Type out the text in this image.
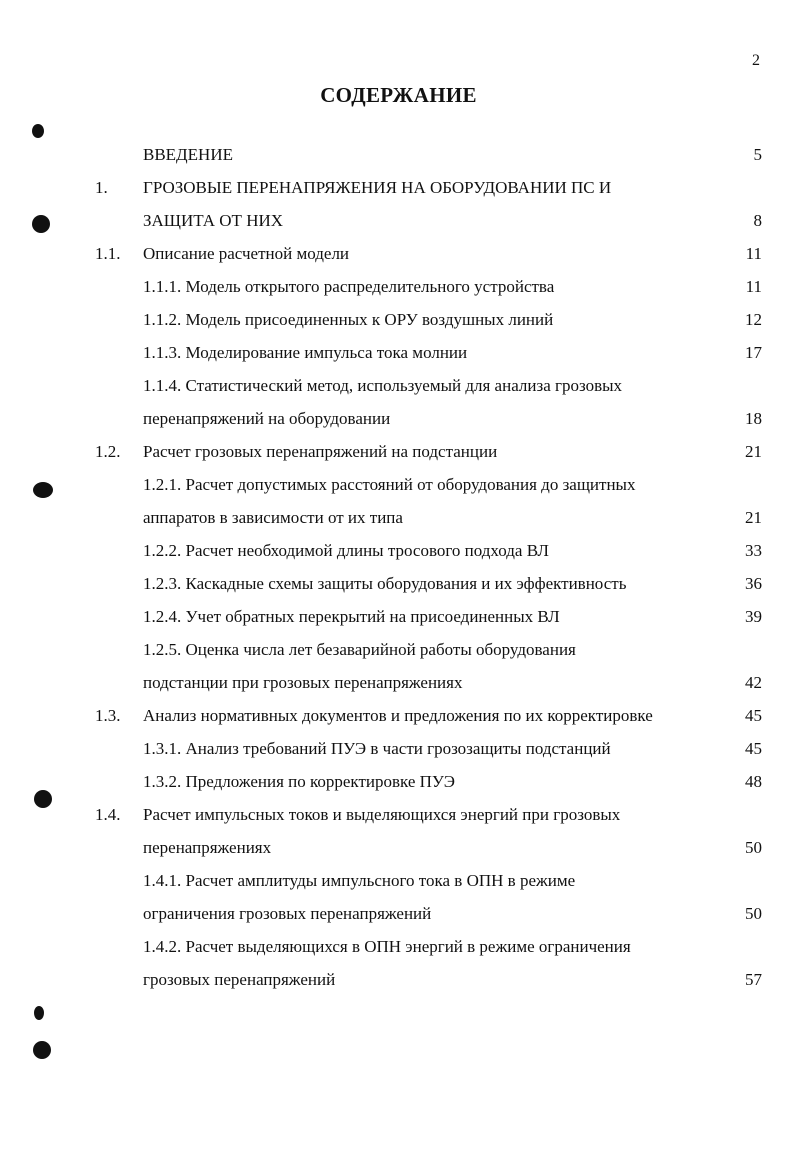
2
СОДЕРЖАНИЕ
ВВЕДЕНИЕ	5
1. ГРОЗОВЫЕ ПЕРЕНАПРЯЖЕНИЯ НА ОБОРУДОВАНИИ ПС И
ЗАЩИТА ОТ НИХ	8
1.1. Описание расчетной модели	11
1.1.1. Модель открытого распределительного устройства	11
1.1.2. Модель присоединенных к ОРУ воздушных линий	12
1.1.3. Моделирование импульса тока молнии	17
1.1.4. Статистический метод, используемый для анализа грозовых
перенапряжений на оборудовании	18
1.2. Расчет грозовых перенапряжений на подстанции	21
1.2.1. Расчет допустимых расстояний от оборудования до защитных
аппаратов в зависимости от их типа	21
1.2.2. Расчет необходимой длины тросового подхода ВЛ	33
1.2.3. Каскадные схемы защиты оборудования и их эффективность	36
1.2.4. Учет обратных перекрытий на присоединенных ВЛ	39
1.2.5. Оценка числа лет безаварийной работы оборудования
подстанции при грозовых перенапряжениях	42
1.3. Анализ нормативных документов и предложения по их корректировке	45
1.3.1. Анализ требований ПУЭ в части грозозащиты подстанций	45
1.3.2. Предложения по корректировке ПУЭ	48
1.4. Расчет импульсных токов и выделяющихся энергий при грозовых
перенапряжениях	50
1.4.1. Расчет амплитуды импульсного тока в ОПН в режиме
ограничения грозовых перенапряжений	50
1.4.2. Расчет выделяющихся в ОПН энергий в режиме ограничения
грозовых перенапряжений	57
